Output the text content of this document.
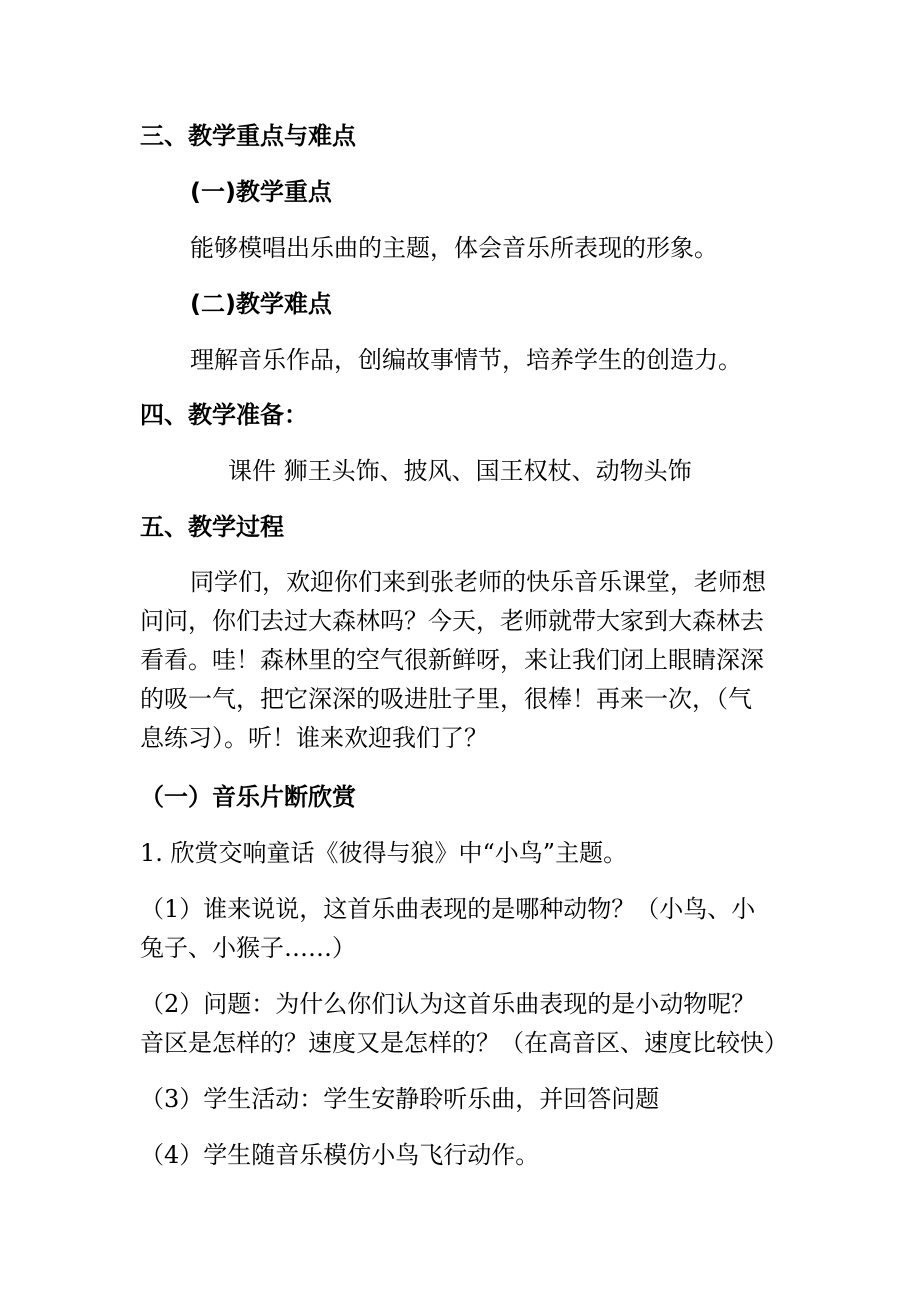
三、教学重点与难点
(一)教学重点
能够模唱出乐曲的主题，体会音乐所表现的形象。
(二)教学难点
理解音乐作品，创编故事情节，培养学生的创造力。
四、教学准备：
课件 狮王头饰、披风、国王权杖、动物头饰
五、教学过程
同学们，欢迎你们来到张老师的快乐音乐课堂，老师想
问问，你们去过大森林吗？今天，老师就带大家到大森林去
看看。哇！森林里的空气很新鲜呀，来让我们闭上眼睛深深
的吸一气，把它深深的吸进肚子里，很棒！再来一次，（气
息练习）。听！谁来欢迎我们了？
（一）音乐片断欣赏
1. 欣赏交响童话《彼得与狼》中“小鸟”主题。
（1）谁来说说，这首乐曲表现的是哪种动物？（小鸟、小
兔子、小猴子……）
（2）问题：为什么你们认为这首乐曲表现的是小动物呢？
音区是怎样的？速度又是怎样的？（在高音区、速度比较快）
（3）学生活动：学生安静聆听乐曲，并回答问题
（4）学生随音乐模仿小鸟飞行动作。
